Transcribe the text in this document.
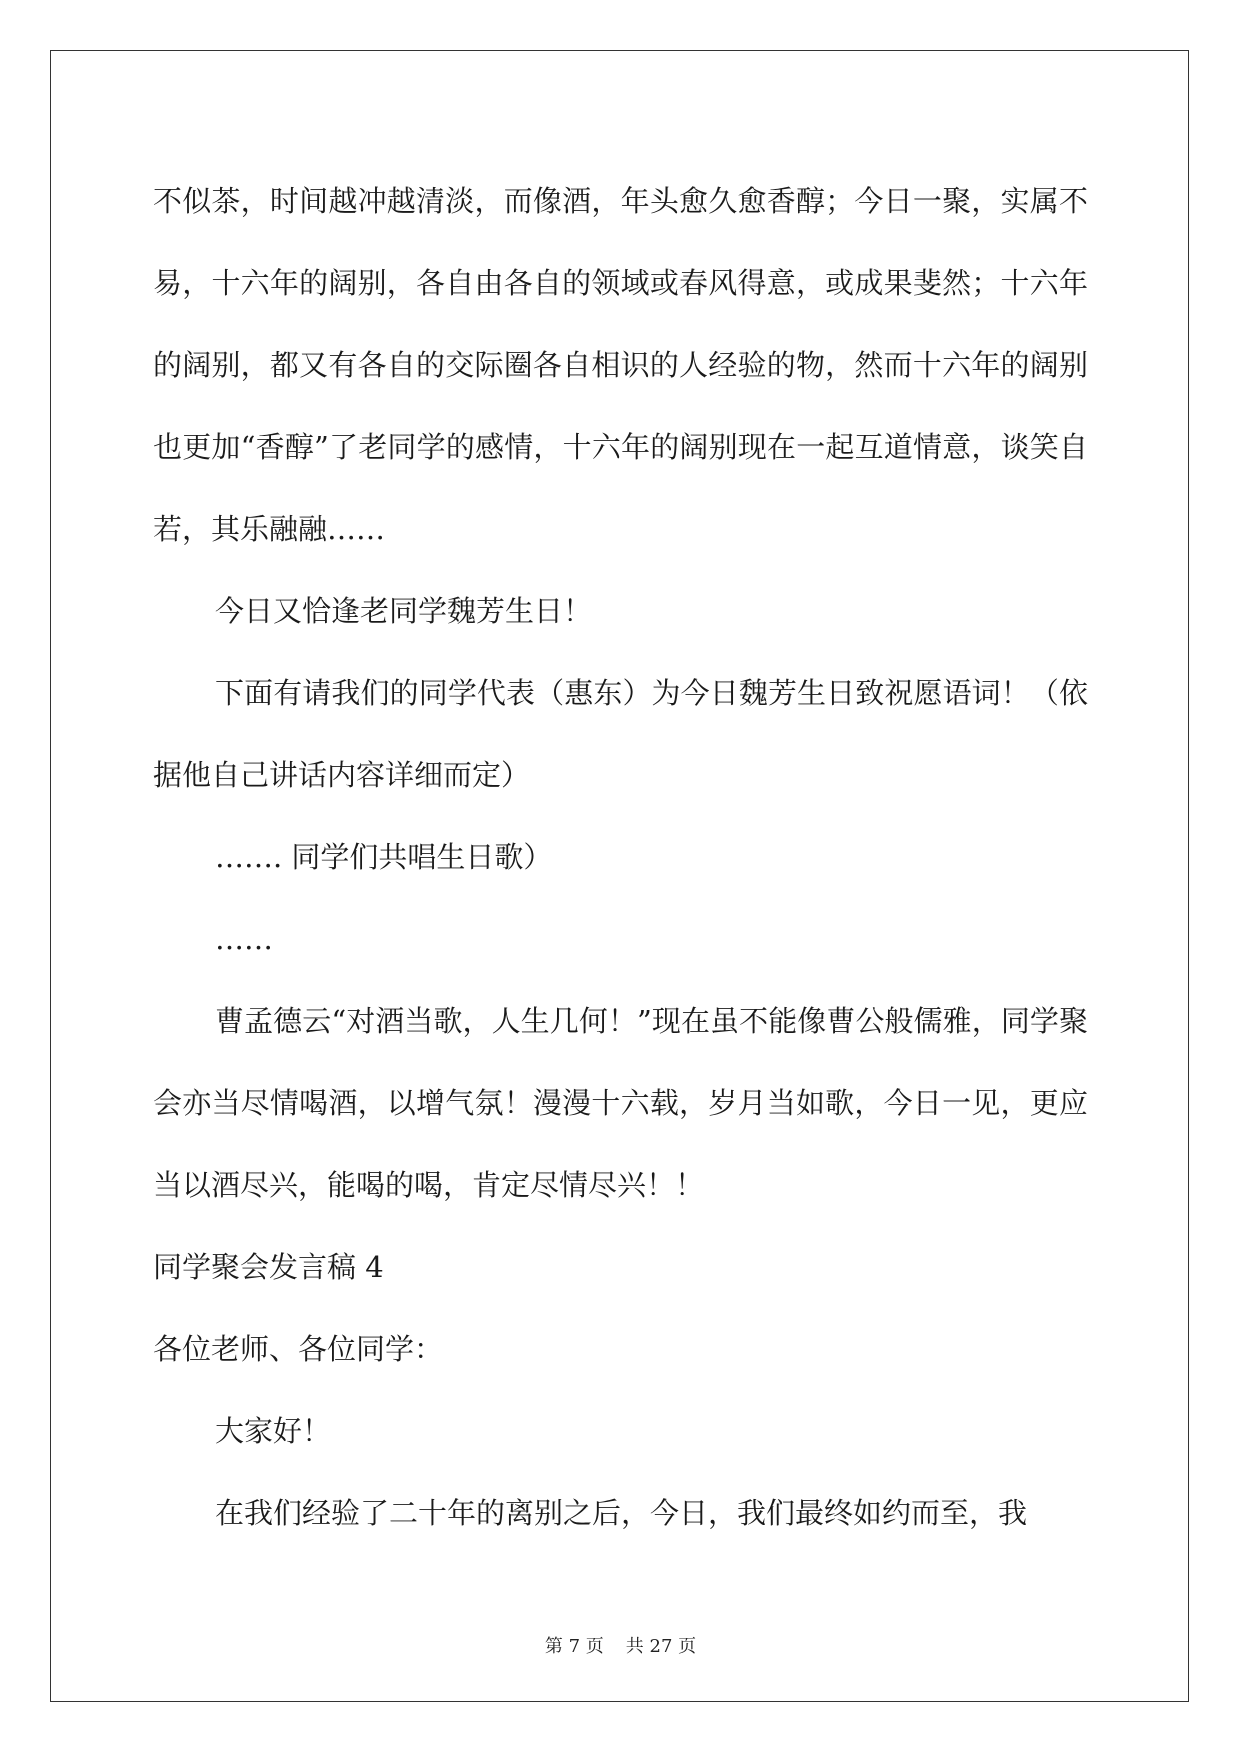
不似茶，时间越冲越清淡，而像酒，年头愈久愈香醇；今日一聚，实属不易，十六年的阔别，各自由各自的领域或春风得意，或成果斐然；十六年的阔别，都又有各自的交际圈各自相识的人经验的物，然而十六年的阔别也更加“香醇”了老同学的感情，十六年的阔别现在一起互道情意，谈笑自若，其乐融融……

今日又恰逢老同学魏芳生日！

下面有请我们的同学代表（惠东）为今日魏芳生日致祝愿语词！（依据他自己讲话内容详细而定）

……. 同学们共唱生日歌）

……

曹孟德云“对酒当歌，人生几何！”现在虽不能像曹公般儒雅，同学聚会亦当尽情喝酒，以增气氛！漫漫十六载，岁月当如歌，今日一见，更应当以酒尽兴，能喝的喝，肯定尽情尽兴！！

同学聚会发言稿 4

各位老师、各位同学：

大家好！

在我们经验了二十年的离别之后，今日，我们最终如约而至，我

第 7 页 共 27 页
